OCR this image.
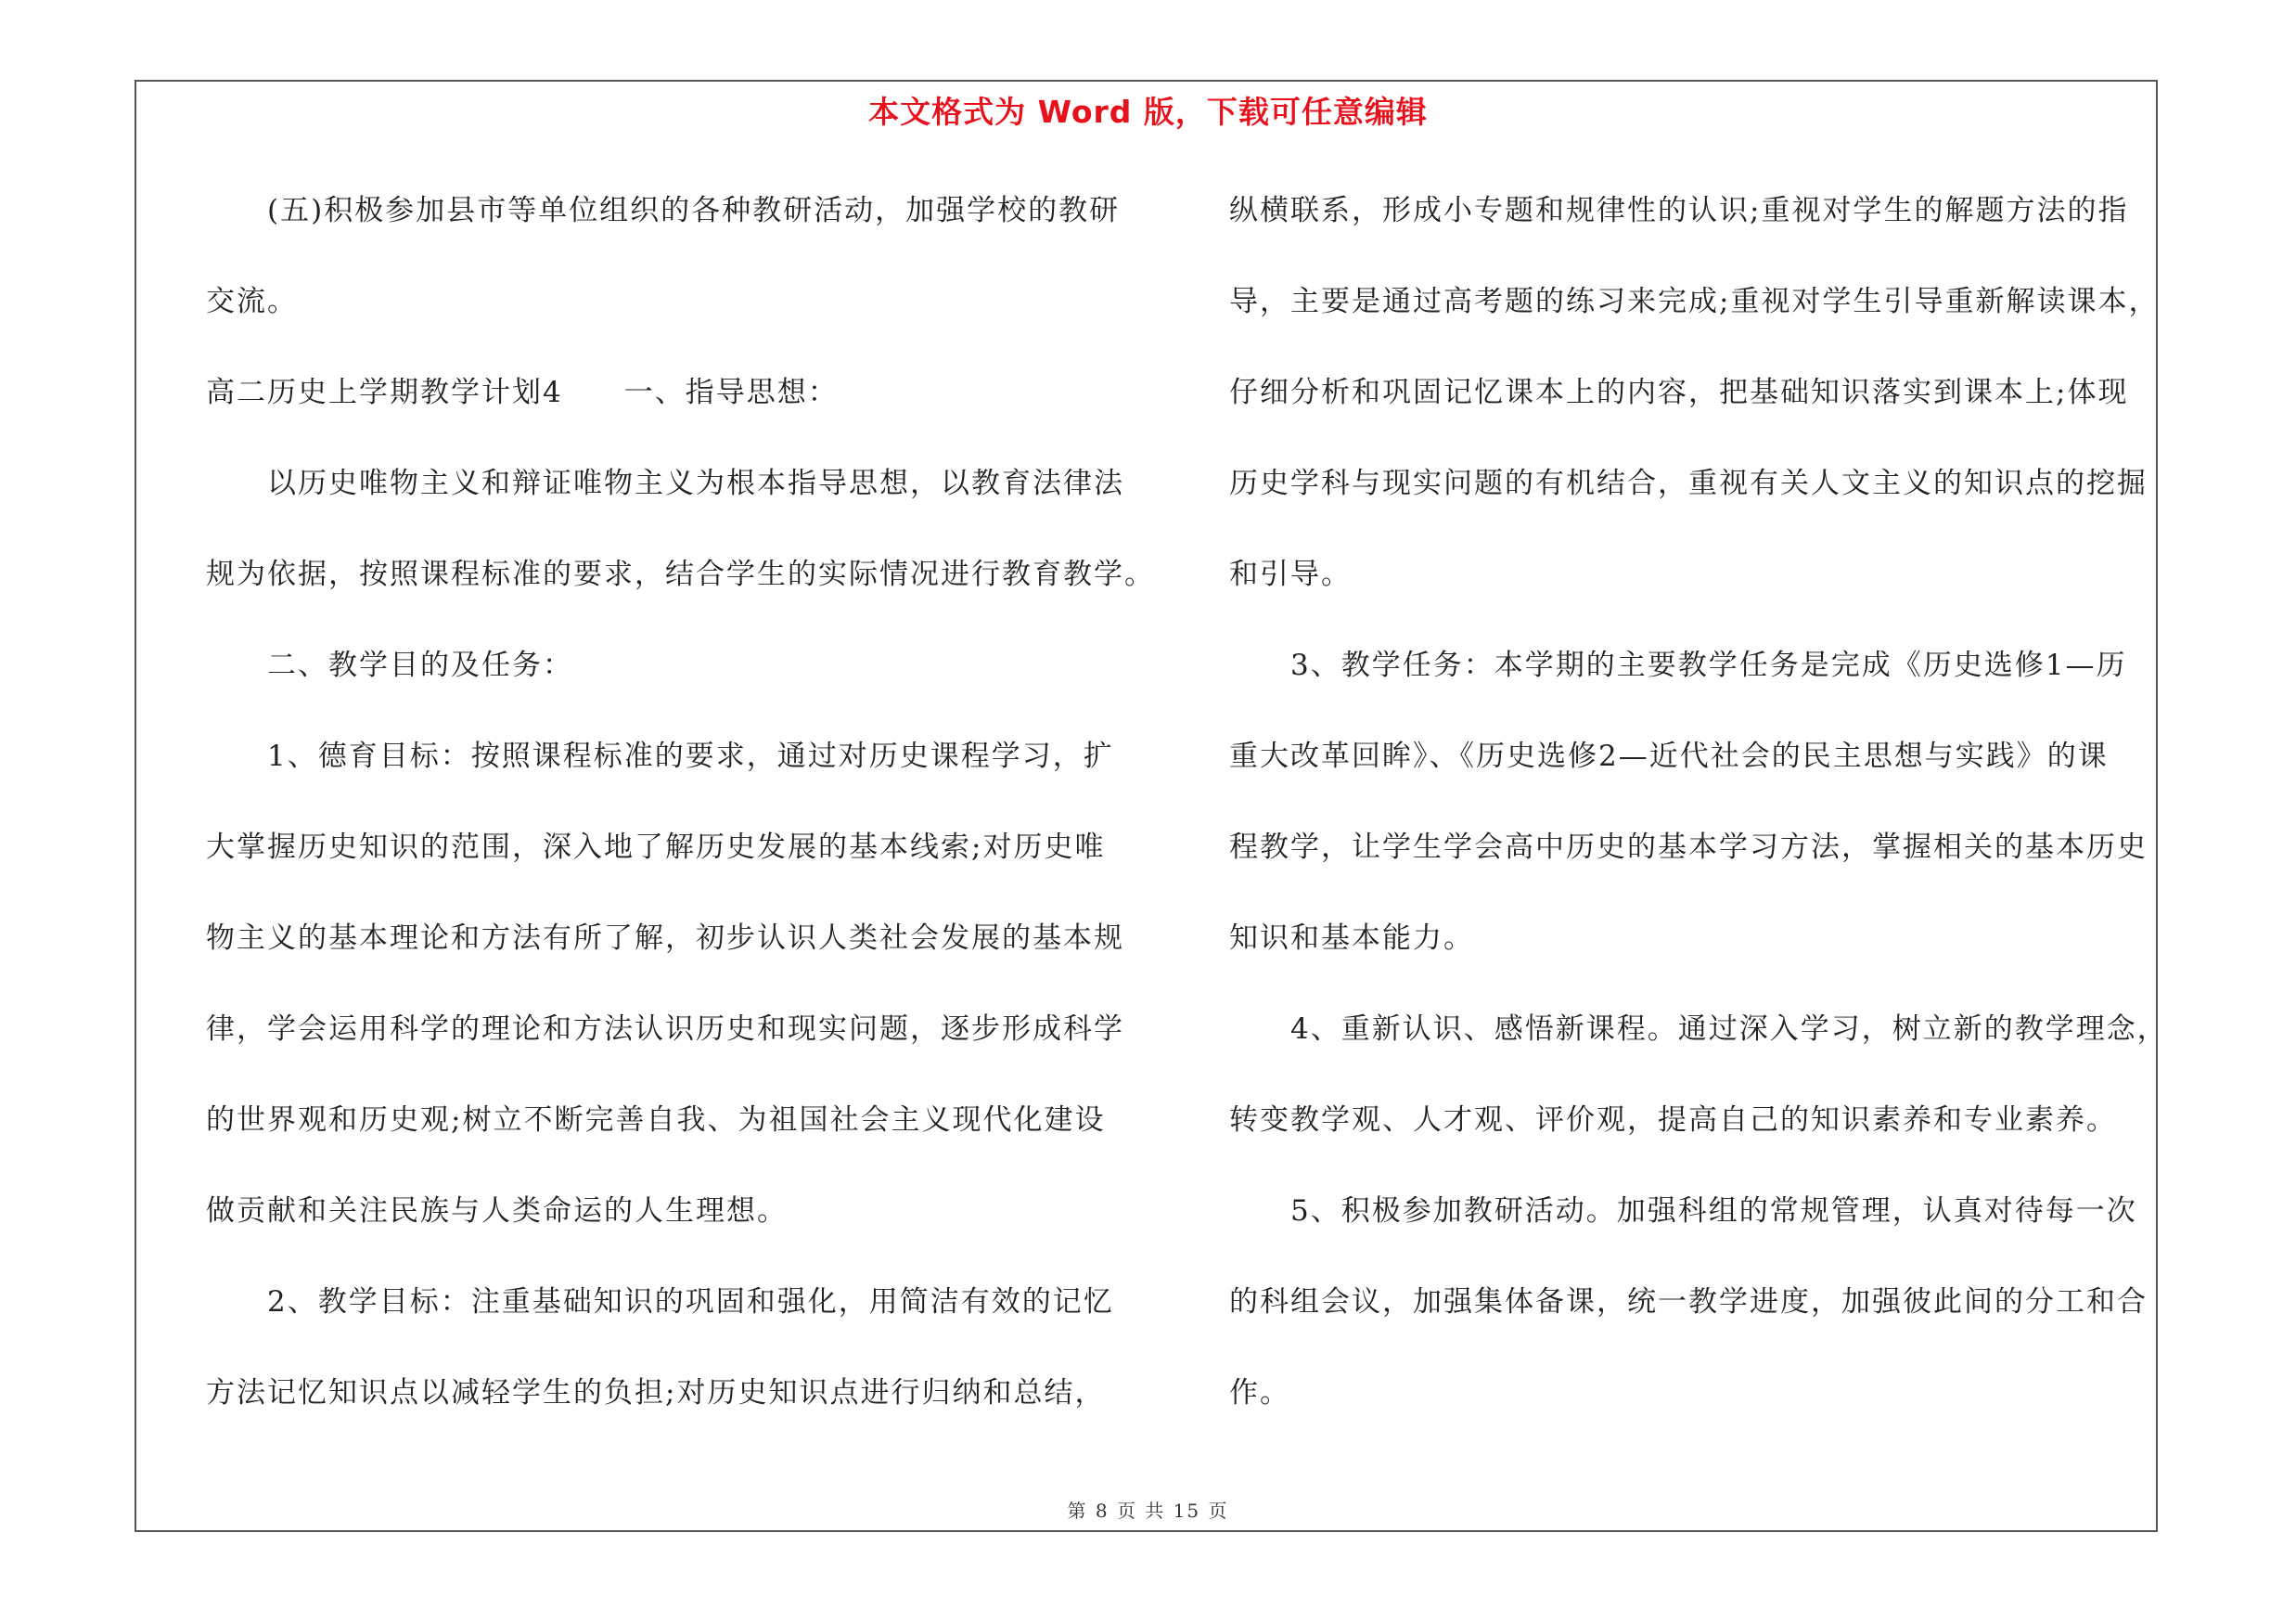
本文格式为 Word 版，下载可任意编辑
(五)积极参加县市等单位组织的各种教研活动，加强学校的教研
交流。
高二历史上学期教学计划4　　一、指导思想：
以历史唯物主义和辩证唯物主义为根本指导思想，以教育法律法
规为依据，按照课程标准的要求，结合学生的实际情况进行教育教学。
二、教学目的及任务：
1、德育目标：按照课程标准的要求，通过对历史课程学习，扩
大掌握历史知识的范围，深入地了解历史发展的基本线索;对历史唯
物主义的基本理论和方法有所了解，初步认识人类社会发展的基本规
律，学会运用科学的理论和方法认识历史和现实问题，逐步形成科学
的世界观和历史观;树立不断完善自我、为祖国社会主义现代化建设
做贡献和关注民族与人类命运的人生理想。
2、教学目标：注重基础知识的巩固和强化，用简洁有效的记忆
方法记忆知识点以减轻学生的负担;对历史知识点进行归纳和总结，
纵横联系，形成小专题和规律性的认识;重视对学生的解题方法的指
导，主要是通过高考题的练习来完成;重视对学生引导重新解读课本，
仔细分析和巩固记忆课本上的内容，把基础知识落实到课本上;体现
历史学科与现实问题的有机结合，重视有关人文主义的知识点的挖掘
和引导。
3、教学任务：本学期的主要教学任务是完成《历史选修1—历
重大改革回眸》、《历史选修2—近代社会的民主思想与实践》的课
程教学，让学生学会高中历史的基本学习方法，掌握相关的基本历史
知识和基本能力。
4、重新认识、感悟新课程。通过深入学习，树立新的教学理念，
转变教学观、人才观、评价观，提高自己的知识素养和专业素养。
5、积极参加教研活动。加强科组的常规管理，认真对待每一次
的科组会议，加强集体备课，统一教学进度，加强彼此间的分工和合
作。
第 8 页 共 15 页
